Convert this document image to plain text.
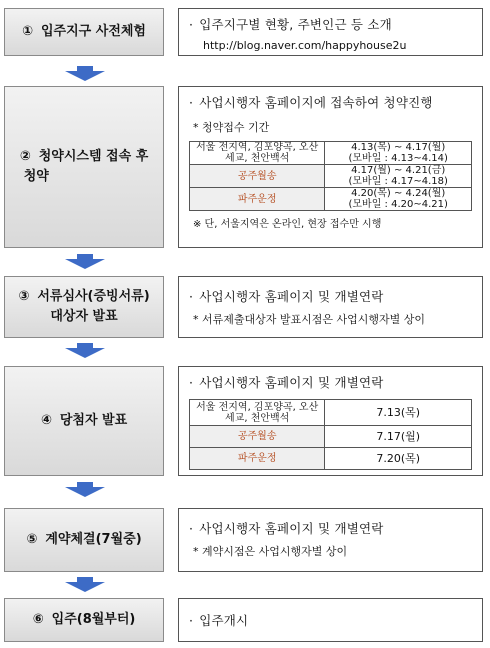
① 입주지구 사전체험	· 입주지구별 현황, 주변인근 등 소개
http://blog.naver.com/happyhouse2u
② 청약시스템 접속 후
청약
· 사업시행자 홈페이지에 접속하여 청약진행
* 청약접수 기간
서울 전지역, 김포양곡, 오산세교, 천안백석	4.13(목) ~ 4.17(월)
(모바일 : 4.13~4.14)

공주월송	4.17(월) ~ 4.21(금)
(모바일 : 4.17~4.18)

파주운정	4.20(목) ~ 4.24(월)
(모바일 : 4.20~4.21)
※ 단, 서울지역은 온라인, 현장 접수만 시행
③ 서류심사(증빙서류)
대상자 발표
· 사업시행자 홈페이지 및 개별연락
* 서류제출대상자 발표시점은 사업시행자별 상이
④ 당첨자 발표
· 사업시행자 홈페이지 및 개별연락
서울 전지역, 김포양곡, 오산세교, 천안백석	7.13(목)
공주월송	7.17(월)
파주운정	7.20(목)
⑤ 계약체결(7월중)
· 사업시행자 홈페이지 및 개별연락
* 계약시점은 사업시행자별 상이
⑥ 입주(8월부터)	· 입주개시
